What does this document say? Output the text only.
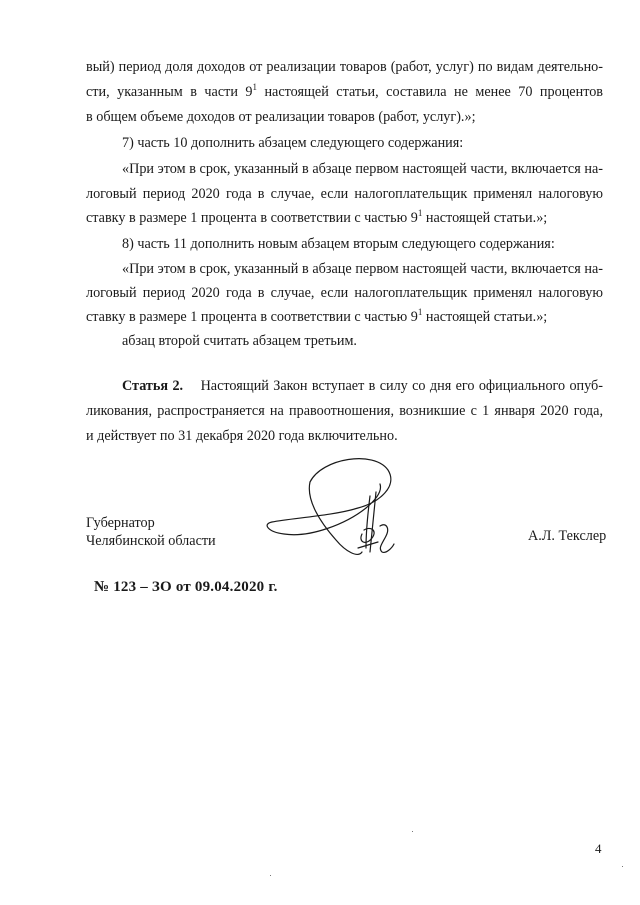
вый) период доля доходов от реализации товаров (работ, услуг) по видам деятельно-
сти, указанным в части $9^1$ настоящей статьи, составила не менее 70 процентов
в общем объеме доходов от реализации товаров (работ, услуг).»;
7) часть 10 дополнить абзацем следующего содержания:
«При этом в срок, указанный в абзаце первом настоящей части, включается на-
логовый период 2020 года в случае, если налогоплательщик применял налоговую
ставку в размере 1 процента в соответствии с частью $9^1$ настоящей статьи.»;
8) часть 11 дополнить новым абзацем вторым следующего содержания:
«При этом в срок, указанный в абзаце первом настоящей части, включается на-
логовый период 2020 года в случае, если налогоплательщик применял налоговую
ставку в размере 1 процента в соответствии с частью $9^1$ настоящей статьи.»;
абзац второй считать абзацем третьим.
Статья 2. Настоящий Закон вступает в силу со дня его официального опуб-
ликования, распространяется на правоотношения, возникшие с 1 января 2020 года,
и действует по 31 декабря 2020 года включительно.
Губернатор
Челябинской области	А.Л. Текслер
№ 123 – ЗО от 09.04.2020 г.
4
